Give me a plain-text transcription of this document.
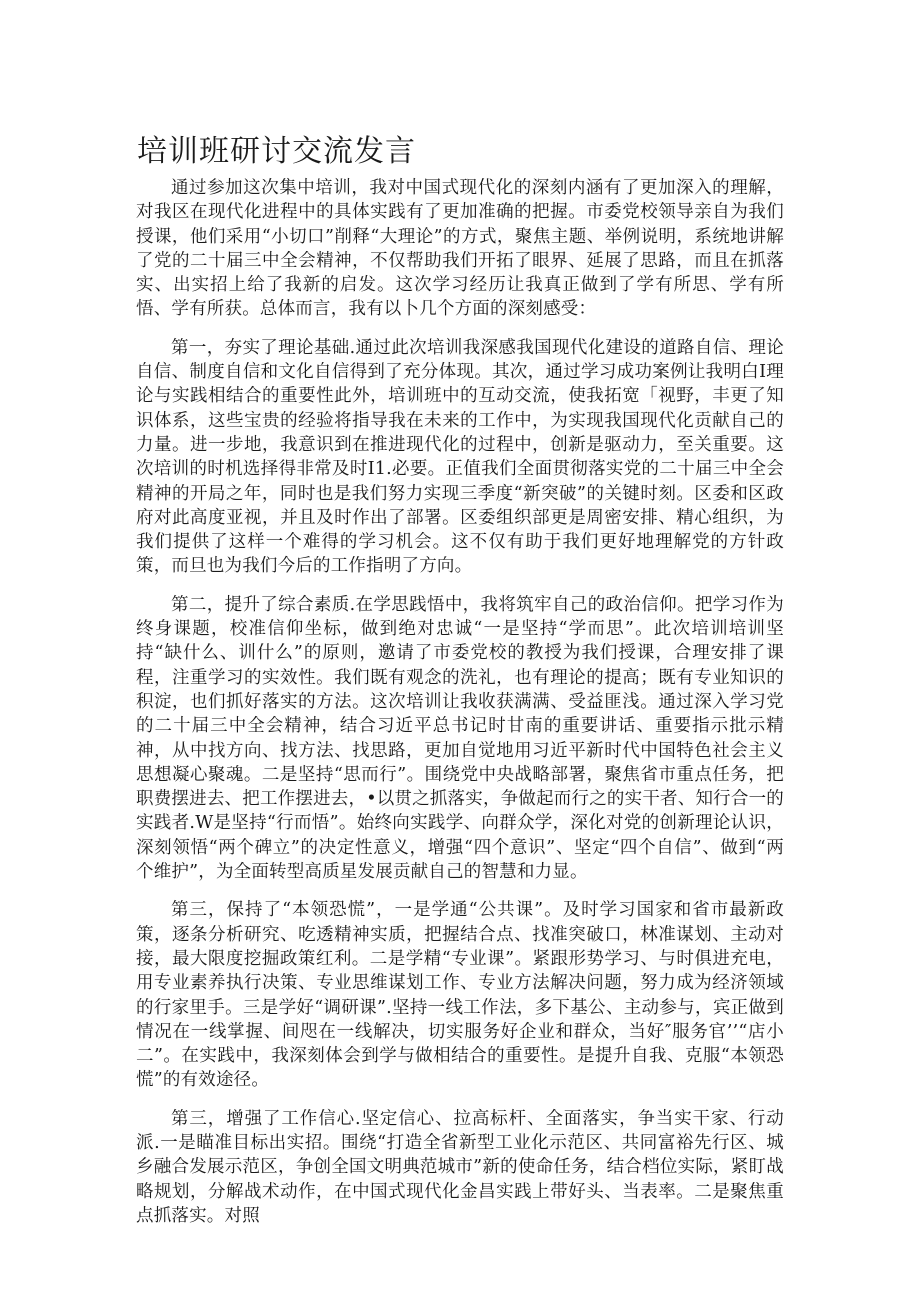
培训班研讨交流发言

通过参加这次集中培训，我对中国式现代化的深刻内涵有了更加深入的理解，对我区在现代化进程中的具体实践有了更加准确的把握。市委党校领导亲自为我们授课，他们采用“小切口”削释“大理论”的方式，聚焦主题、举例说明，系统地讲解了党的二十届三中全会精神，不仅帮助我们开拓了眼界、延展了思路，而且在抓落实、出实招上给了我新的启发。这次学习经历让我真正做到了学有所思、学有所悟、学有所获。总体而言，我有以卜几个方面的深刻感受：

第一，夯实了理论基础.通过此次培训我深感我国现代化建设的道路自信、理论自信、制度自信和文化自信得到了充分体现。其次，通过学习成功案例让我明白Ⅰ理论与实践相结合的重要性此外，培训班中的互动交流，使我拓宽「视野，丰更了知识体系，这些宝贵的经验将指导我在未来的工作中，为实现我国现代化贡献自己的力量。进一步地，我意识到在推进现代化的过程中，创新是驱动力，至关重要。这次培训的时机选择得非常及时I1.必要。正值我们全面贯彻落实党的二十届三中全会精神的开局之年，同时也是我们努力实现三季度“新突破”的关键时刻。区委和区政府对此高度亚视，并且及时作出了部署。区委组织部更是周密安排、精心组织，为我们提供了这样一个难得的学习机会。这不仅有助于我们更好地理解党的方针政策，而旦也为我们今后的工作指明了方向。

第二，提升了综合素质.在学思践悟中，我将筑牢自己的政治信仰。把学习作为终身课题，校准信仰坐标，做到绝对忠诚“一是坚持“学而思”。此次培训培训坚持“缺什么、训什么”的原则，邀请了市委党校的教授为我们授课，合理安排了课程，注重学习的实效性。我们既有观念的洗礼，也有理论的提高；既有专业知识的积淀，也们抓好落实的方法。这次培训让我收获满满、受益匪浅。通过深入学习党的二十届三中全会精神，结合习近平总书记时甘南的重要讲话、重要指示批示精神，从中找方向、找方法、找思路，更加自觉地用习近平新时代中国特色社会主义思想凝心聚魂。二是坚持“思而行”。围绕党中央战略部署，聚焦省市重点任务，把职费摆进去、把工作摆进去，•以贯之抓落实，争做起而行之的实干者、知行合一的实践者.W是坚持“行而悟”。始终向实践学、向群众学，深化对党的创新理论认识，深刻领悟“两个碑立”的决定性意义，增强“四个意识”、坚定“四个自信”、做到“两个维护”，为全面转型高质星发展贡献自己的智慧和力显。

第三，保持了“本领恐慌”，一是学通“公共课”。及时学习国家和省市最新政策，逐条分析研究、吃透精神实质，把握结合点、找准突破口，林准谋划、主动对接，最大限度挖掘政策红利。二是学精“专业课”。紧跟形势学习、与时俱进充电，用专业素养执行决策、专业思维谋划工作、专业方法解决问题，努力成为经济领域的行家里手。三是学好“调研课”.坚持一线工作法，多下基公、主动参与，宾正做到情况在一线掌握、间咫在一线解决，切实服务好企业和群众，当好″服务官’’“店小二”。在实践中，我深刻体会到学与做相结合的重要性。是提升自我、克服“本领恐慌”的有效途径。

第三，增强了工作信心.坚定信心、拉高标杆、全面落实，争当实干家、行动派.一是瞄准目标出实招。围绕“打造全省新型工业化示范区、共同富裕先行区、城乡融合发展示范区，争创全国文明典范城市”新的使命任务，结合档位实际，紧盯战略规划，分解战术动作，在中国式现代化金昌实践上带好头、当表率。二是聚焦重点抓落实。对照
